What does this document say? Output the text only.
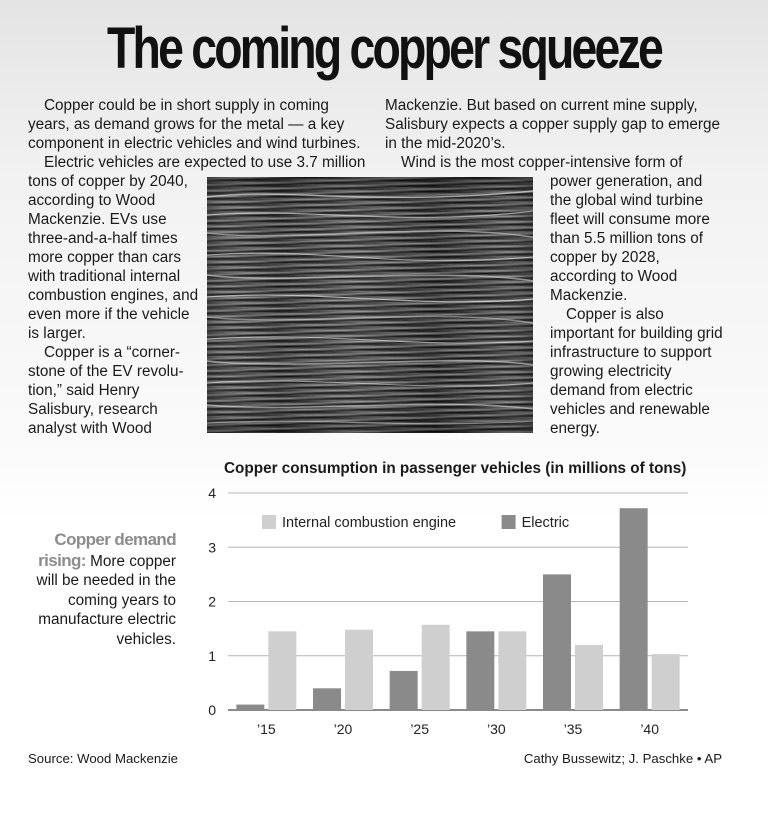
The coming copper squeeze

Copper could be in short supply in coming years, as demand grows for the metal — a key component in electric vehicles and wind turbines.

Electric vehicles are expected to use 3.7 million

tons of copper by 2040,

according to Wood

Mackenzie. EVs use

three-and-a-half times

more copper than cars

with traditional internal

combustion engines, and

even more if the vehicle

is larger.

Copper is a “corner-

stone of the EV revolu-

tion,” said Henry

Salisbury, research

analyst with Wood

Mackenzie. But based on current mine supply, Salisbury expects a copper supply gap to emerge in the mid-2020’s.

Wind is the most copper-intensive form of

power generation, and

the global wind turbine

fleet will consume more

than 5.5 million tons of

copper by 2028,

according to Wood

Mackenzie.

Copper is also

important for building grid

infrastructure to support

growing electricity

demand from electric

vehicles and renewable

energy.

Copper demand rising: More copper will be needed in the coming years to manufacture electric vehicles.
Copper consumption in passenger vehicles (in millions of tons)
0
1
2
3
4
’15	’20	’25	’30	’35	’40
Internal combustion engine	Electric
Source: Wood Mackenzie	Cathy Bussewitz; J. Paschke • AP
